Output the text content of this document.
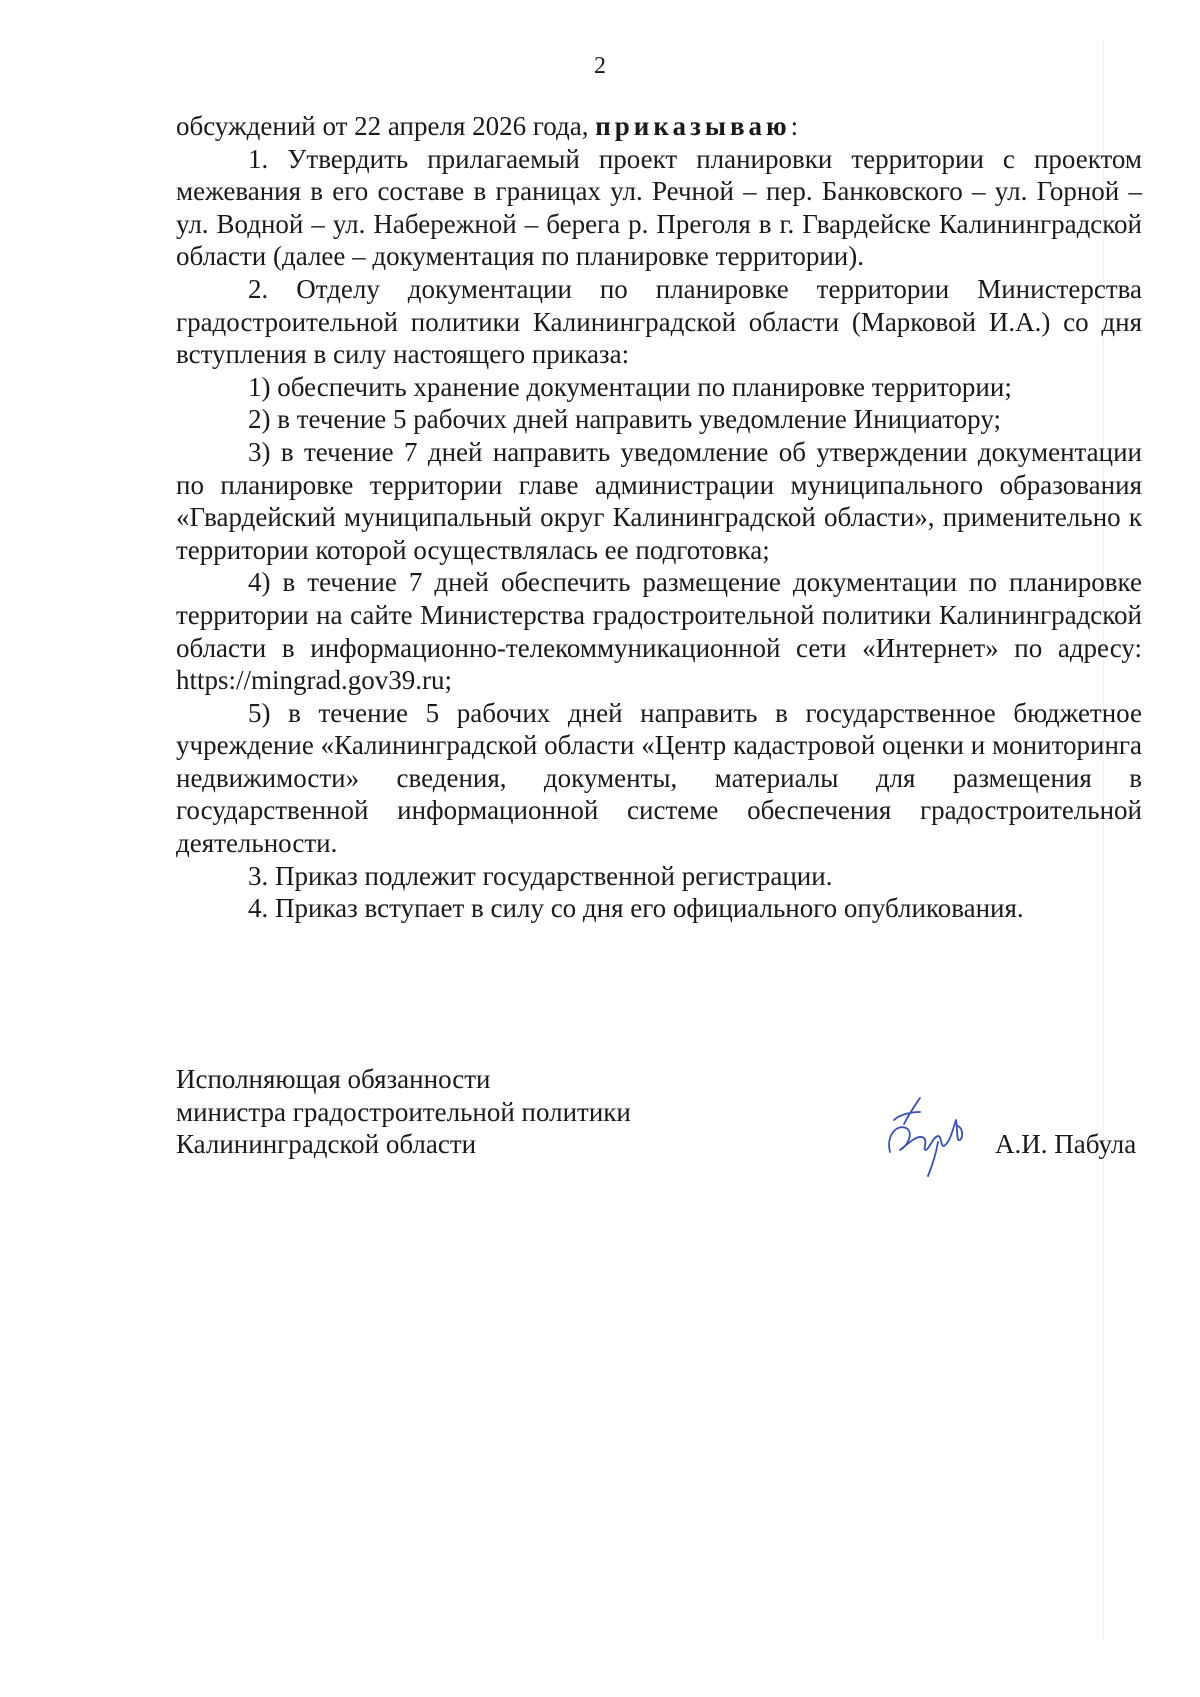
2

обсуждений от 22 апреля 2026 года, приказываю:

1. Утвердить прилагаемый проект планировки территории с проектом межевания в его составе в границах ул. Речной – пер. Банковского – ул. Горной – ул. Водной – ул. Набережной – берега р. Преголя в г. Гвардейске Калининградской области (далее – документация по планировке территории).

2. Отделу документации по планировке территории Министерства градостроительной политики Калининградской области (Марковой И.А.) со дня вступления в силу настоящего приказа:

1) обеспечить хранение документации по планировке территории;

2) в течение 5 рабочих дней направить уведомление Инициатору;

3) в течение 7 дней направить уведомление об утверждении документации по планировке территории главе администрации муниципального образования «Гвардейский муниципальный округ Калининградской области», применительно к территории которой осуществлялась ее подготовка;

4) в течение 7 дней обеспечить размещение документации по планировке территории на сайте Министерства градостроительной политики Калининградской области в информационно-телекоммуникационной сети «Интернет» по адресу: https://mingrad.gov39.ru;

5) в течение 5 рабочих дней направить в государственное бюджетное учреждение «Калининградской области «Центр кадастровой оценки и мониторинга недвижимости» сведения, документы, материалы для размещения в государственной информационной системе обеспечения градостроительной деятельности.

3. Приказ подлежит государственной регистрации.

4. Приказ вступает в силу со дня его официального опубликования.

Исполняющая обязанности
министра градостроительной политики
Калининградской области	А.И. Пабула
